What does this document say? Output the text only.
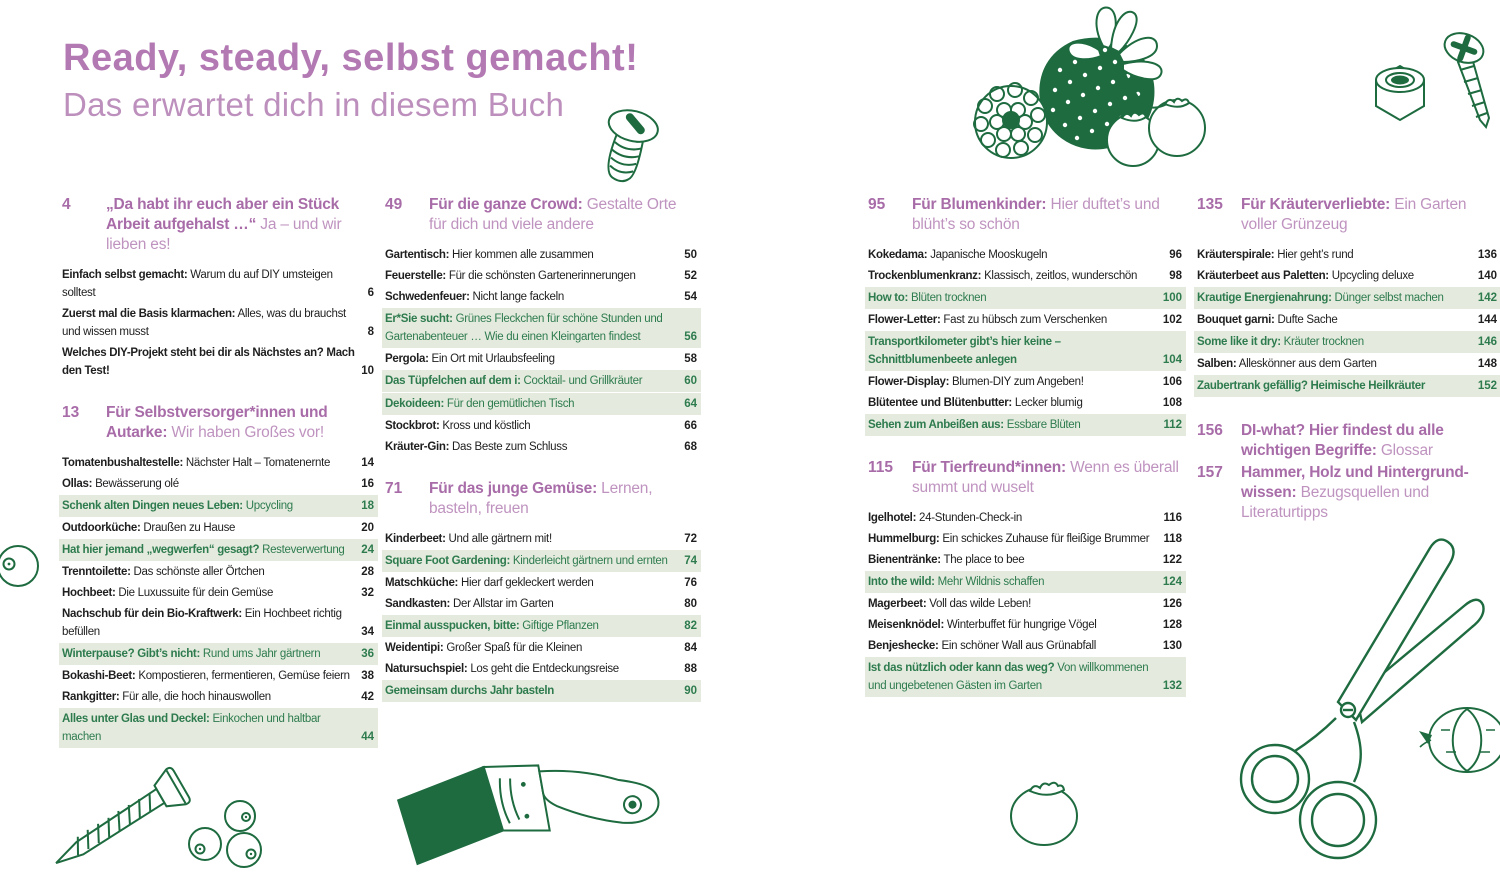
Ready, steady, selbst gemacht!
Das erwartet dich in diesem Buch
4	„Da habt ihr euch aber ein Stück Arbeit aufgehalst …“ Ja – und wir lieben es!

Einfach selbst gemacht: Warum du auf DIY umsteigen solltest	6
Zuerst mal die Basis klarmachen: Alles, was du brauchst und wissen musst	8
Welches DIY-Projekt steht bei dir als Nächstes an? Mach den Test!	10
13	Für Selbstversorger*innen und Autarke: Wir haben Großes vor!

Tomatenbushaltestelle: Nächster Halt – Tomatenernte	14
Ollas: Bewässerung olé	16
Schenk alten Dingen neues Leben: Upcycling	18
Outdoorküche: Draußen zu Hause	20
Hat hier jemand „wegwerfen“ gesagt? Resteverwertung	24
Trenntoilette: Das schönste aller Örtchen	28
Hochbeet: Die Luxussuite für dein Gemüse	32
Nachschub für dein Bio-Kraftwerk: Ein Hochbeet richtig befüllen	34
Winterpause? Gibt’s nicht: Rund ums Jahr gärtnern	36
Bokashi-Beet: Kompostieren, fermentieren, Gemüse feiern 38
Rankgitter: Für alle, die hoch hinauswollen	42
Alles unter Glas und Deckel: Einkochen und haltbar machen	44
49	Für die ganze Crowd: Gestalte Orte für dich und viele andere

Gartentisch: Hier kommen alle zusammen	50
Feuerstelle: Für die schönsten Gartenerinnerungen	52
Schwedenfeuer: Nicht lange fackeln	54
Er*Sie sucht: Grünes Fleckchen für schöne Stunden und Gartenabenteuer … Wie du einen Kleingarten findest	56
Pergola: Ein Ort mit Urlaubsfeeling	58
Das Tüpfelchen auf dem i: Cocktail- und Grillkräuter	60
Dekoideen: Für den gemütlichen Tisch	64
Stockbrot: Kross und köstlich	66
Kräuter-Gin: Das Beste zum Schluss	68
71	Für das junge Gemüse: Lernen, basteln, freuen

Kinderbeet: Und alle gärtnern mit!	72
Square Foot Gardening: Kinderleicht gärtnern und ernten	74
Matschküche: Hier darf gekleckert werden	76
Sandkasten: Der Allstar im Garten	80
Einmal ausspucken, bitte: Giftige Pflanzen	82
Weidentipi: Großer Spaß für die Kleinen	84
Natursuchspiel: Los geht die Entdeckungsreise	88
Gemeinsam durchs Jahr basteln	90
95	Für Blumenkinder: Hier duftet’s und blüht’s so schön

Kokedama: Japanische Mooskugeln	96
Trockenblumenkranz: Klassisch, zeitlos, wunderschön	98
How to: Blüten trocknen	100
Flower-Letter: Fast zu hübsch zum Verschenken	102
Transportkilometer gibt’s hier keine – Schnittblumenbeete anlegen	104
Flower-Display: Blumen-DIY zum Angeben!	106
Blütentee und Blütenbutter: Lecker blumig	108
Sehen zum Anbeißen aus: Essbare Blüten	112
115	Für Tierfreund*innen: Wenn es überall summt und wuselt

Igelhotel: 24-Stunden-Check-in	116
Hummelburg: Ein schickes Zuhause für fleißige Brummer	118
Bienentränke: The place to bee	122
Into the wild: Mehr Wildnis schaffen	124
Magerbeet: Voll das wilde Leben!	126
Meisenknödel: Winterbuffet für hungrige Vögel	128
Benjeshecke: Ein schöner Wall aus Grünabfall	130
Ist das nützlich oder kann das weg? Von willkommenen und ungebetenen Gästen im Garten	132
135	Für Kräuterverliebte: Ein Garten voller Grünzeug

Kräuterspirale: Hier geht’s rund	136
Kräuterbeet aus Paletten: Upcycling deluxe	140
Krautige Energienahrung: Dünger selbst machen	142
Bouquet garni: Dufte Sache	144
Some like it dry: Kräuter trocknen	146
Salben: Alleskönner aus dem Garten	148
Zaubertrank gefällig? Heimische Heilkräuter	152
156	DI-what? Hier findest du alle wichtigen Begriffe: Glossar

157	Hammer, Holz und Hintergrundwissen: Bezugsquellen und Literaturtipps
